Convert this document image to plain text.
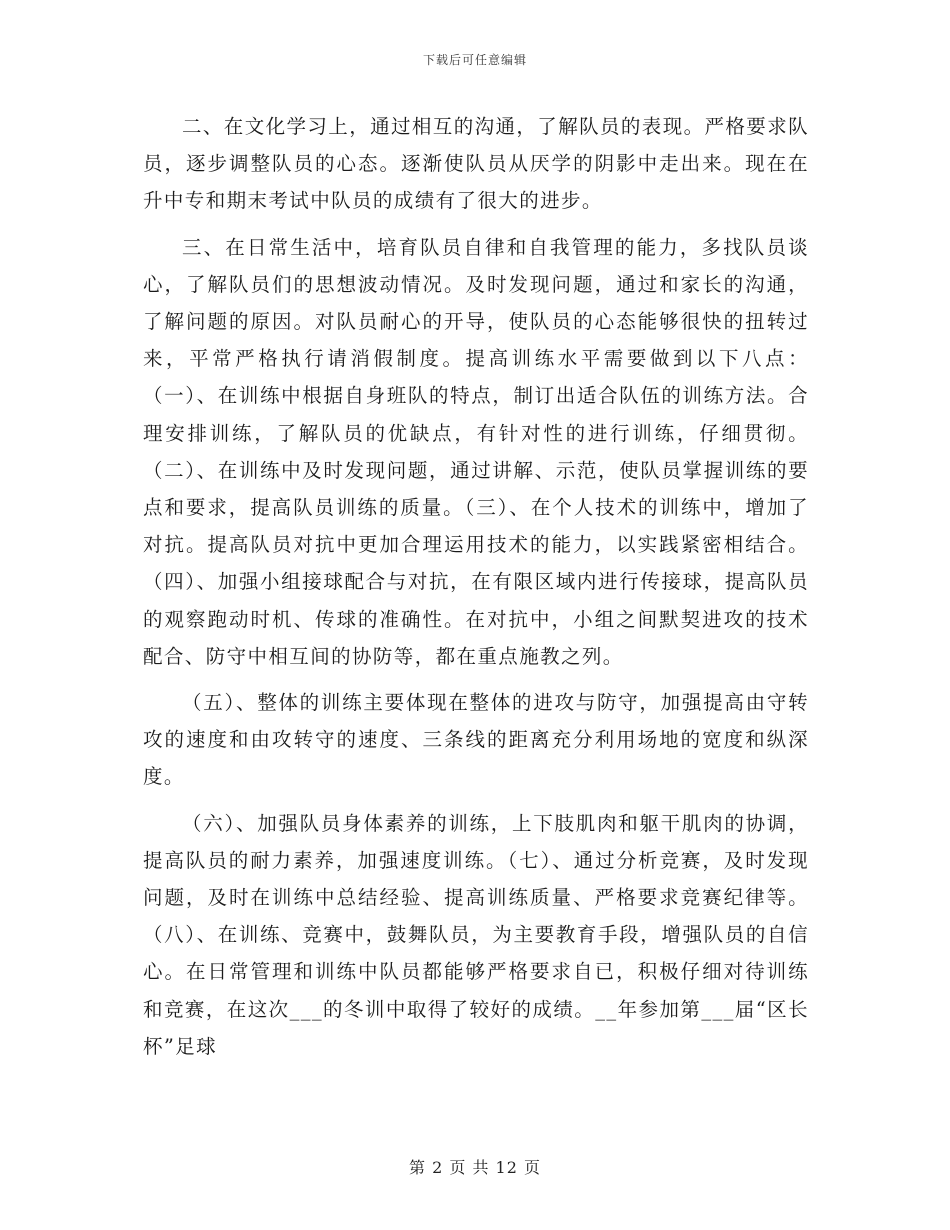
下载后可任意编辑

二、在文化学习上，通过相互的沟通，了解队员的表现。严格要求队员，逐步调整队员的心态。逐渐使队员从厌学的阴影中走出来。现在在升中专和期末考试中队员的成绩有了很大的进步。

三、在日常生活中，培育队员自律和自我管理的能力，多找队员谈心，了解队员们的思想波动情况。及时发现问题，通过和家长的沟通，了解问题的原因。对队员耐心的开导，使队员的心态能够很快的扭转过来，平常严格执行请消假制度。提高训练水平需要做到以下八点：（一）、在训练中根据自身班队的特点，制订出适合队伍的训练方法。合理安排训练，了解队员的优缺点，有针对性的进行训练，仔细贯彻。（二）、在训练中及时发现问题，通过讲解、示范，使队员掌握训练的要点和要求，提高队员训练的质量。（三）、在个人技术的训练中，增加了对抗。提高队员对抗中更加合理运用技术的能力，以实践紧密相结合。（四）、加强小组接球配合与对抗，在有限区域内进行传接球，提高队员的观察跑动时机、传球的准确性。在对抗中，小组之间默契进攻的技术配合、防守中相互间的协防等，都在重点施教之列。

（五）、整体的训练主要体现在整体的进攻与防守，加强提高由守转攻的速度和由攻转守的速度、三条线的距离充分利用场地的宽度和纵深度。

（六）、加强队员身体素养的训练，上下肢肌肉和躯干肌肉的协调，提高队员的耐力素养，加强速度训练。（七）、通过分析竞赛，及时发现问题，及时在训练中总结经验、提高训练质量、严格要求竞赛纪律等。（八）、在训练、竞赛中，鼓舞队员，为主要教育手段，增强队员的自信心。在日常管理和训练中队员都能够严格要求自已，积极仔细对待训练和竞赛，在这次___的冬训中取得了较好的成绩。__年参加第___届“区长杯”足球

第 2 页 共 12 页
